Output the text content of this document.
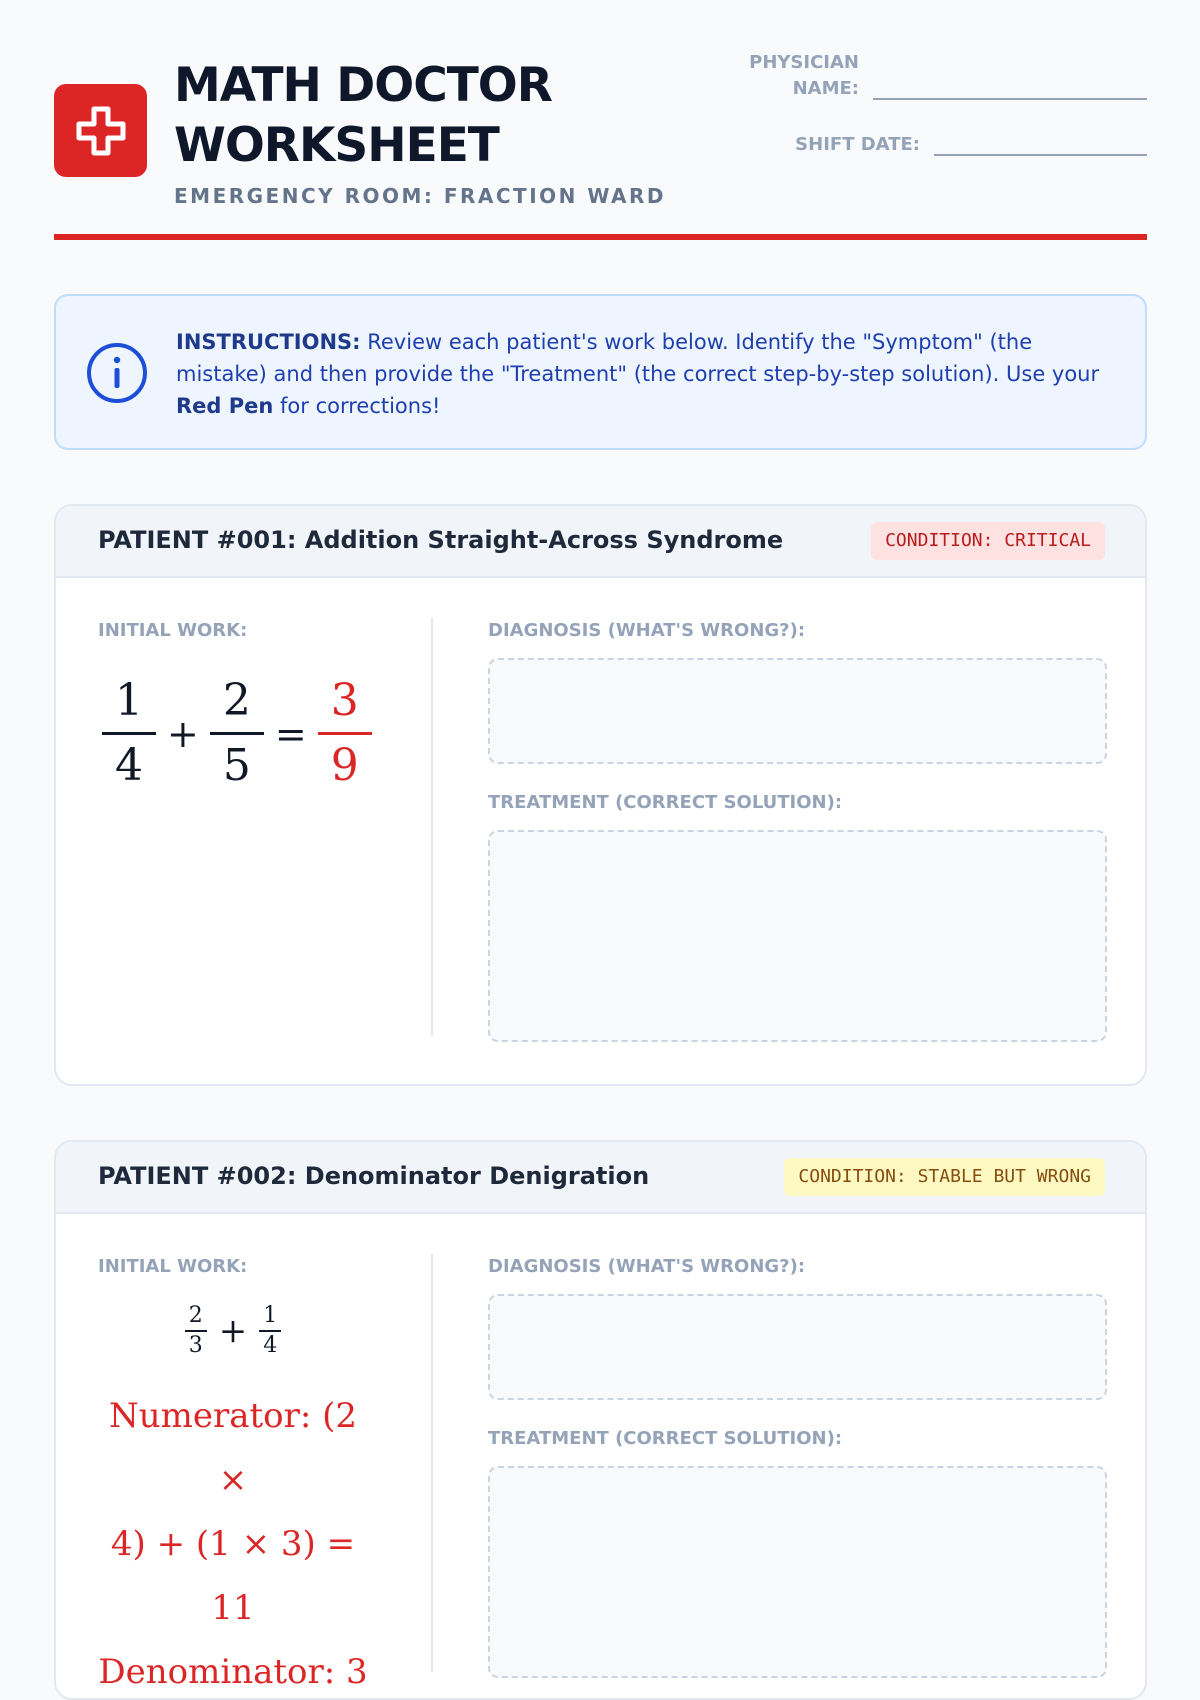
MATH DOCTOR WORKSHEET
EMERGENCY ROOM: FRACTION WARD
PHYSICIAN NAME:
SHIFT DATE:

INSTRUCTIONS: Review each patient's work below. Identify the "Symptom" (the mistake) and then provide the "Treatment" (the correct step-by-step solution). Use your Red Pen for corrections!

PATIENT #001: Addition Straight-Across Syndrome	CONDITION: CRITICAL
INITIAL WORK:
$\frac{1}{4} + \frac{2}{5} = \frac{3}{9}$
DIAGNOSIS (WHAT'S WRONG?):
TREATMENT (CORRECT SOLUTION):
PATIENT #002: Denominator Denigration	CONDITION: STABLE BUT WRONG
INITIAL WORK:
$\frac{2}{3} + \frac{1}{4}$
Numerator: (2 ×
4) + (1 × 3) = 11
Denominator: 3
DIAGNOSIS (WHAT'S WRONG?):
TREATMENT (CORRECT SOLUTION):
